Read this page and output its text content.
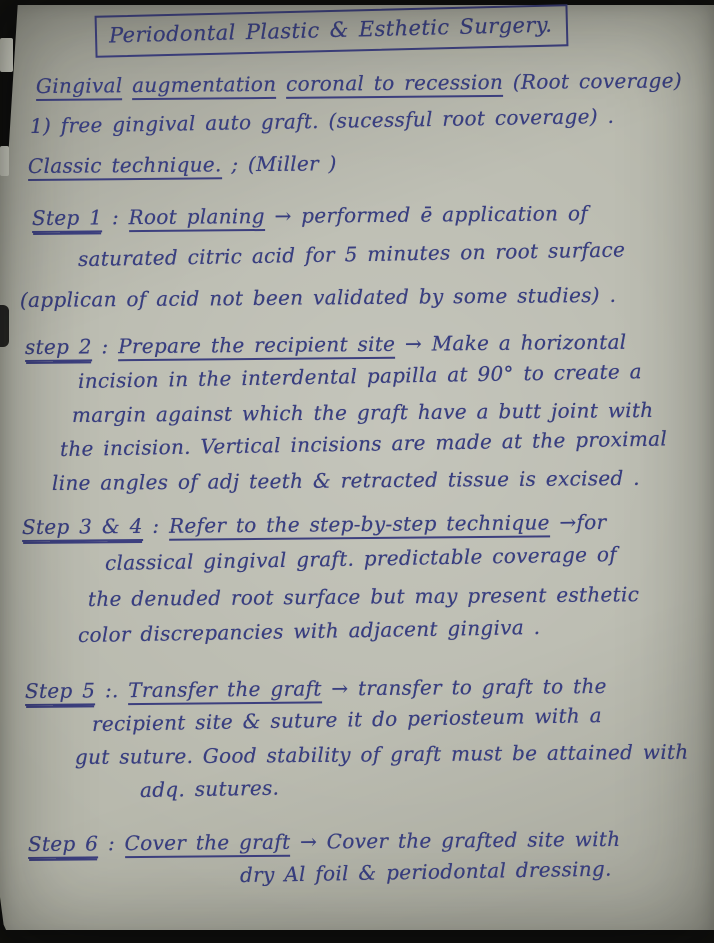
Periodontal Plastic & Esthetic Surgery.
Gingival augmentation coronal to recession (Root coverage)
1) free gingival auto graft. (sucessful root coverage) .
Classic technique. ; (Miller )
Step 1 : Root planing → performed ē application of
saturated citric acid for 5 minutes on root surface
(applican of acid not been validated by some studies) .
step 2 : Prepare the recipient site → Make a horizontal
incision in the interdental papilla at 90° to create a
margin against which the graft have a butt joint with
the incision. Vertical incisions are made at the proximal
line angles of adj teeth & retracted tissue is excised .
Step 3 & 4 : Refer to the step-by-step technique →for
classical gingival graft. predictable coverage of
the denuded root surface but may present esthetic
color discrepancies with adjacent gingiva .
Step 5 :. Transfer the graft → transfer to graft to the
recipient site & suture it do periosteum with a
gut suture. Good stability of graft must be attained with
adq. sutures.
Step 6 : Cover the graft → Cover the grafted site with
dry Al foil & periodontal dressing.
